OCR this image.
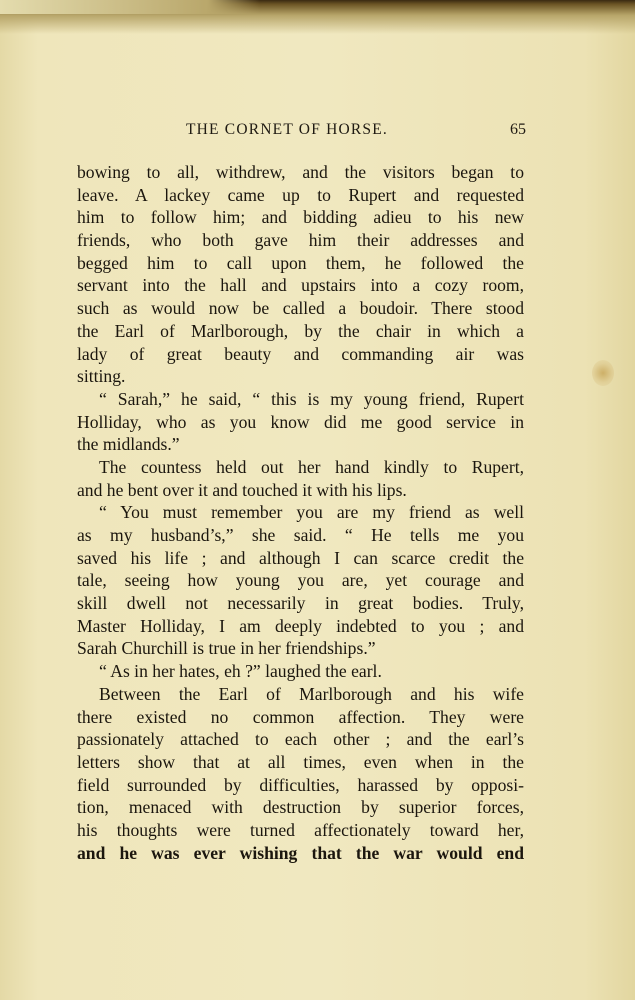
THE CORNET OF HORSE.	65
bowing to all, withdrew, and the visitors began to
leave. A lackey came up to Rupert and requested
him to follow him; and bidding adieu to his new
friends, who both gave him their addresses and
begged him to call upon them, he followed the
servant into the hall and upstairs into a cozy room,
such as would now be called a boudoir. There stood
the Earl of Marlborough, by the chair in which a
lady of great beauty and commanding air was
sitting.
“ Sarah,” he said, “ this is my young friend, Rupert
Holliday, who as you know did me good service in
the midlands.”
The countess held out her hand kindly to Rupert,
and he bent over it and touched it with his lips.
“ You must remember you are my friend as well
as my husband’s,” she said. “ He tells me you
saved his life ; and although I can scarce credit the
tale, seeing how young you are, yet courage and
skill dwell not necessarily in great bodies. Truly,
Master Holliday, I am deeply indebted to you ; and
Sarah Churchill is true in her friendships.”
“ As in her hates, eh ?” laughed the earl.
Between the Earl of Marlborough and his wife
there existed no common affection. They were
passionately attached to each other ; and the earl’s
letters show that at all times, even when in the
field surrounded by difficulties, harassed by opposi-
tion, menaced with destruction by superior forces,
his thoughts were turned affectionately toward her,
and he was ever wishing that the war would end
